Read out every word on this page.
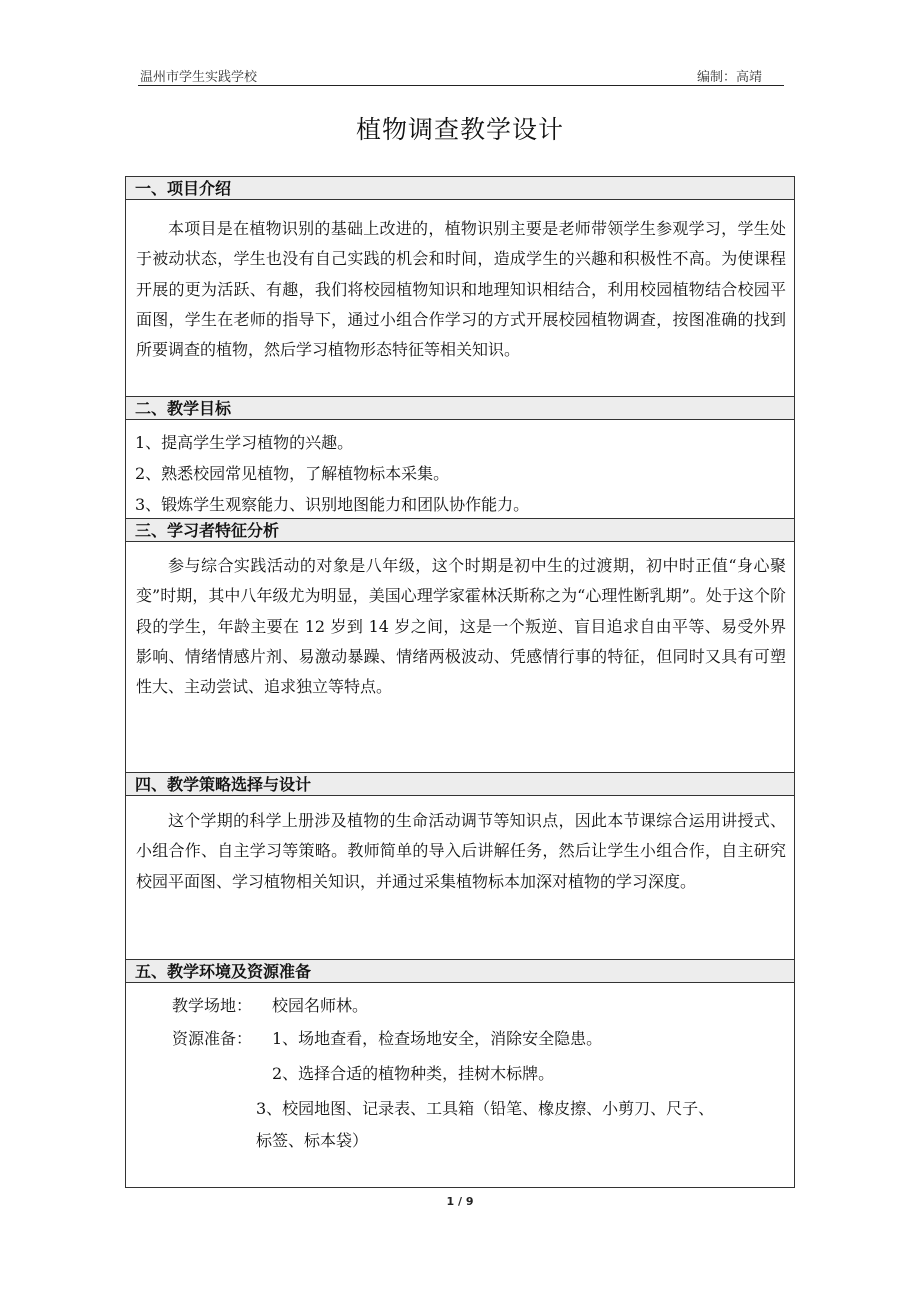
温州市学生实践学校	编制：高靖
植物调查教学设计
一、项目介绍

本项目是在植物识别的基础上改进的，植物识别主要是老师带领学生参观学习，学生处于被动状态，学生也没有自己实践的机会和时间，造成学生的兴趣和积极性不高。为使课程开展的更为活跃、有趣，我们将校园植物知识和地理知识相结合，利用校园植物结合校园平面图，学生在老师的指导下，通过小组合作学习的方式开展校园植物调查，按图准确的找到所要调查的植物，然后学习植物形态特征等相关知识。

二、教学目标
1、提高学生学习植物的兴趣。
2、熟悉校园常见植物，了解植物标本采集。
3、锻炼学生观察能力、识别地图能力和团队协作能力。
三、学习者特征分析

参与综合实践活动的对象是八年级，这个时期是初中生的过渡期，初中时正值“身心聚变”时期，其中八年级尤为明显，美国心理学家霍林沃斯称之为“心理性断乳期”。处于这个阶段的学生，年龄主要在 12 岁到 14 岁之间，这是一个叛逆、盲目追求自由平等、易受外界影响、情绪情感片剂、易激动暴躁、情绪两极波动、凭感情行事的特征，但同时又具有可塑性大、主动尝试、追求独立等特点。

四、教学策略选择与设计

这个学期的科学上册涉及植物的生命活动调节等知识点，因此本节课综合运用讲授式、小组合作、自主学习等策略。教师简单的导入后讲解任务，然后让学生小组合作，自主研究校园平面图、学习植物相关知识，并通过采集植物标本加深对植物的学习深度。

五、教学环境及资源准备
教学场地： 校园名师林。
资源准备： 1、场地查看，检查场地安全，消除安全隐患。
2、选择合适的植物种类，挂树木标牌。
3、校园地图、记录表、工具箱（铅笔、橡皮擦、小剪刀、尺子、
标签、标本袋）
1 / 9
